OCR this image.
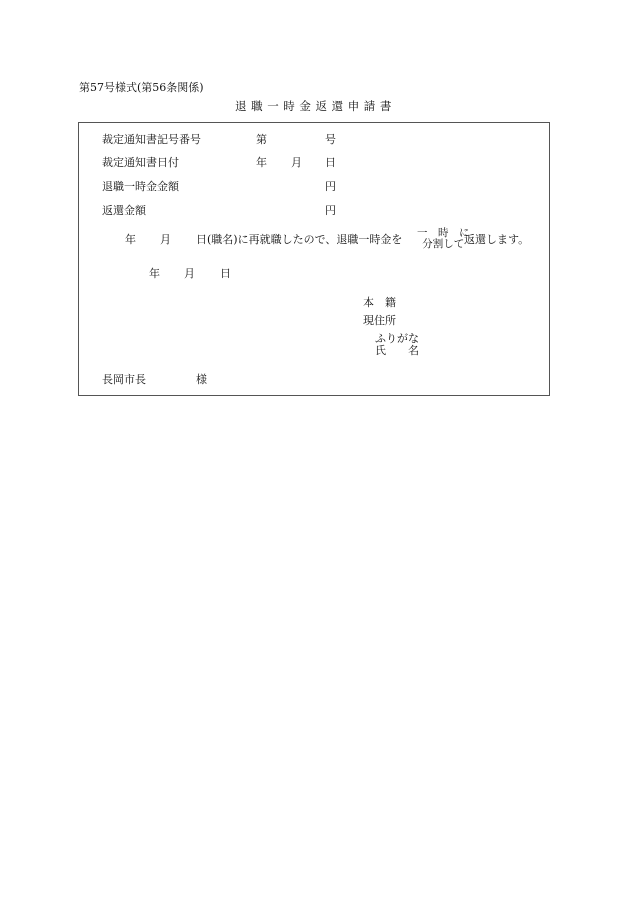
第57号様式(第56条関係)
退職一時金返還申請書
裁定通知書記号番号	第	号
裁定通知書日付	年 月 日
退職一時金金額	円
返還金額	円
年 月 日(職名)に再就職したので、退職一時金を 一　時　に
分割して 返還します。
年 月 日
本　籍
現住所
ふりがな
氏　　名
長岡市長	様
